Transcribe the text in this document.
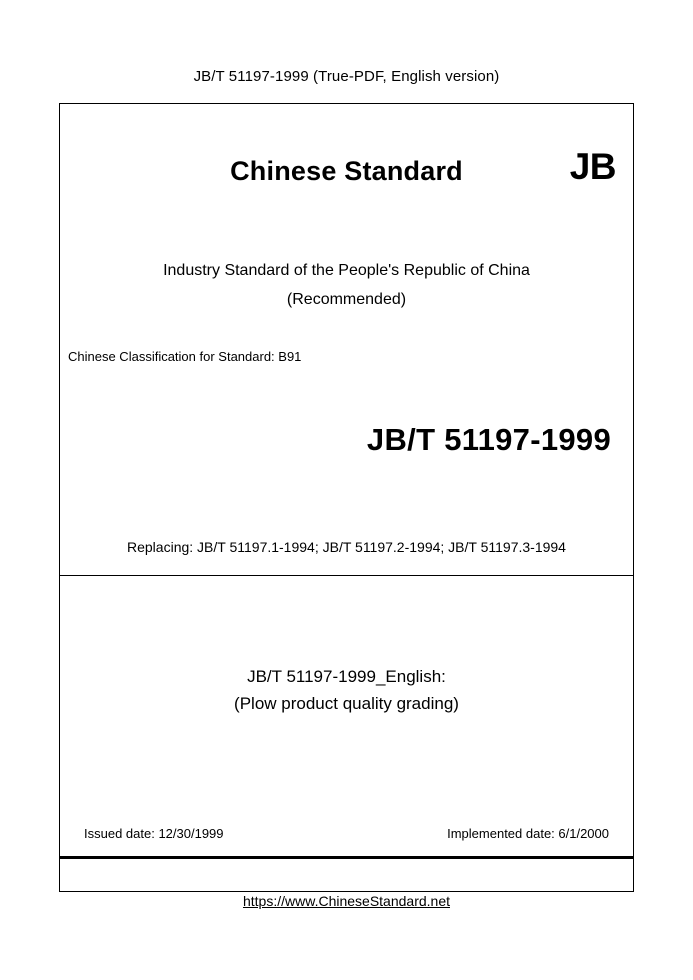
JB/T 51197-1999 (True-PDF, English version)
Chinese Standard	JB
Industry Standard of the People's Republic of China
(Recommended)
Chinese Classification for Standard: B91
JB/T 51197-1999
Replacing: JB/T 51197.1-1994; JB/T 51197.2-1994; JB/T 51197.3-1994
JB/T 51197-1999_English:
(Plow product quality grading)
Issued date: 12/30/1999	Implemented date: 6/1/2000
https://www.ChineseStandard.net
